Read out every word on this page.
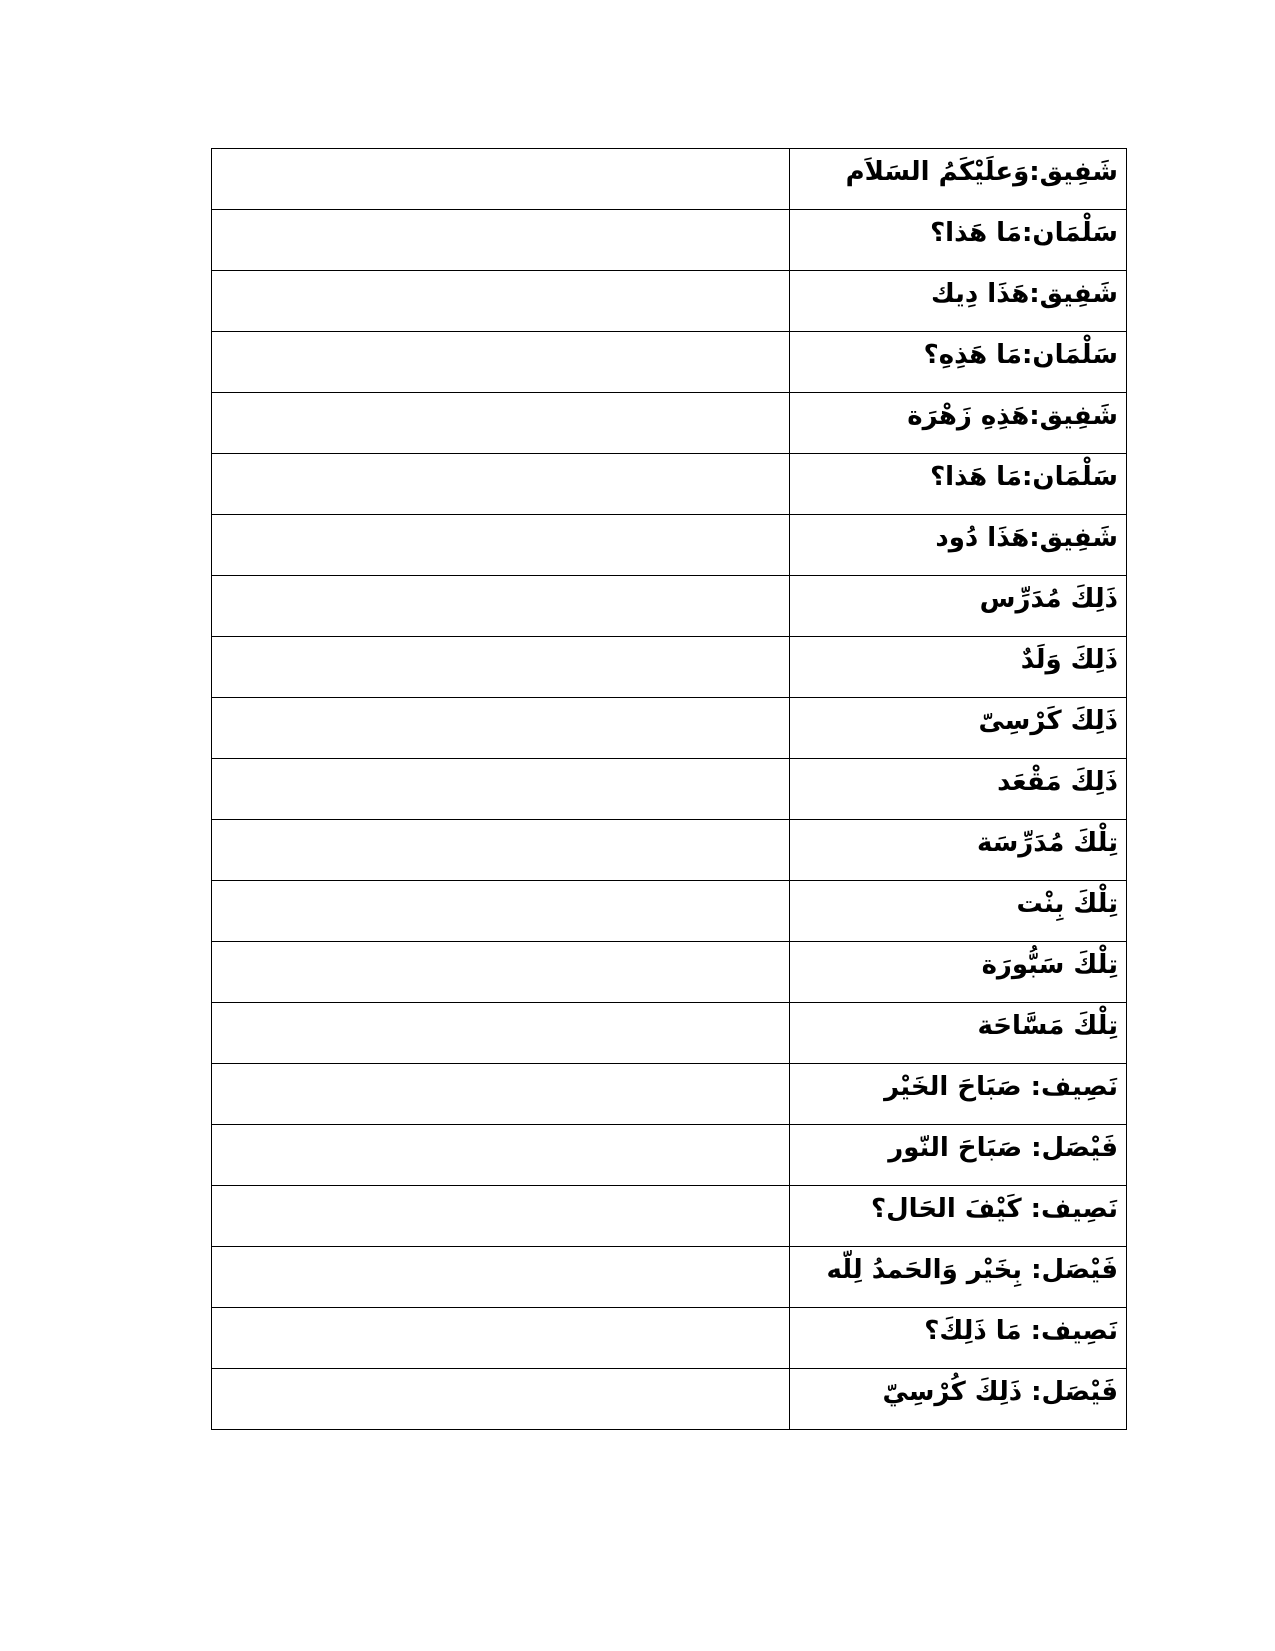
	شَفِيق:وَعلَيْكَمُ السَلاَم

	سَلْمَان:مَا هَذا؟

	شَفِيق:هَذَا دِيك

	سَلْمَان:مَا هَذِهِ؟

	شَفِيق:هَذِهِ زَهْرَة

	سَلْمَان:مَا هَذا؟

	شَفِيق:هَذَا دُود

	ذَلِكَ مُدَرِّس

	ذَلِكَ وَلَدٌ

	ذَلِكَ كَرْسِىّ

	ذَلِكَ مَقْعَد

	تِلْكَ مُدَرِّسَة

	تِلْكَ بِنْت

	تِلْكَ سَبُّورَة

	تِلْكَ مَسَّاحَة

	نَصِيف: صَبَاحَ الخَيْر

	فَيْصَل: صَبَاحَ النّور

	نَصِيف: كَيْفَ الحَال؟

	فَيْصَل: بِخَيْر وَالحَمدُ لِلّه

	نَصِيف: مَا ذَلِكَ؟

	فَيْصَل: ذَلِكَ كُرْسِيّ
